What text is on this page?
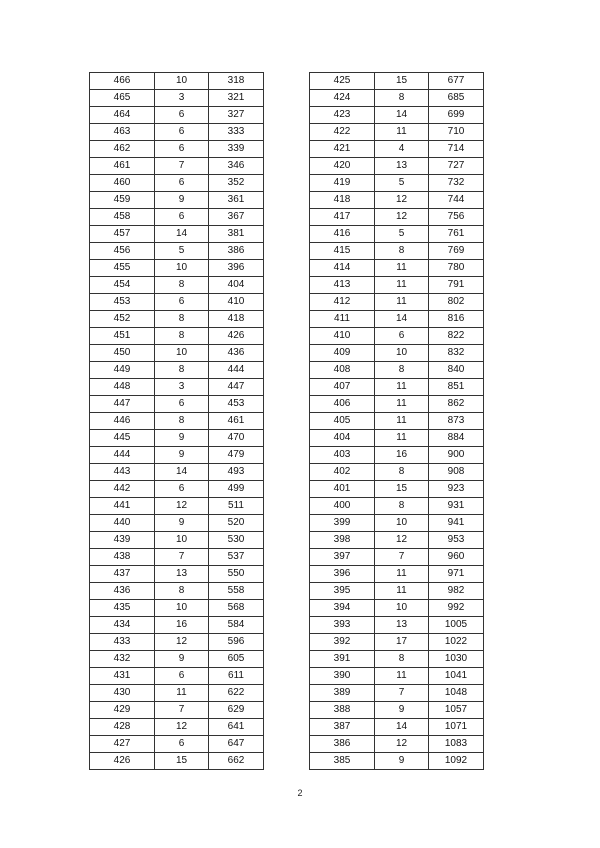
466	10	318
465	3	321
464	6	327
463	6	333
462	6	339
461	7	346
460	6	352
459	9	361
458	6	367
457	14	381
456	5	386
455	10	396
454	8	404
453	6	410
452	8	418
451	8	426
450	10	436
449	8	444
448	3	447
447	6	453
446	8	461
445	9	470
444	9	479
443	14	493
442	6	499
441	12	511
440	9	520
439	10	530
438	7	537
437	13	550
436	8	558
435	10	568
434	16	584
433	12	596
432	9	605
431	6	611
430	11	622
429	7	629
428	12	641
427	6	647
426	15	662
425	15	677
424	8	685
423	14	699
422	11	710
421	4	714
420	13	727
419	5	732
418	12	744
417	12	756
416	5	761
415	8	769
414	11	780
413	11	791
412	11	802
411	14	816
410	6	822
409	10	832
408	8	840
407	11	851
406	11	862
405	11	873
404	11	884
403	16	900
402	8	908
401	15	923
400	8	931
399	10	941
398	12	953
397	7	960
396	11	971
395	11	982
394	10	992
393	13	1005
392	17	1022
391	8	1030
390	11	1041
389	7	1048
388	9	1057
387	14	1071
386	12	1083
385	9	1092
2
